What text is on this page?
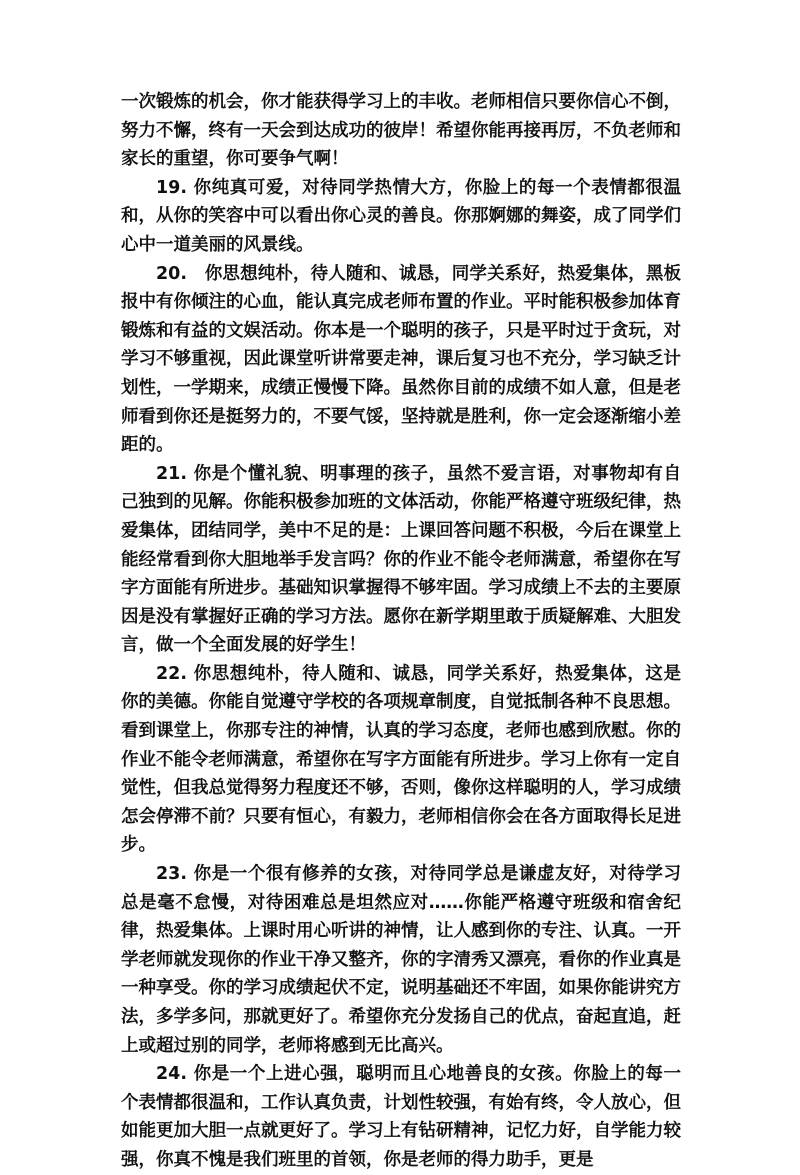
一次锻炼的机会，你才能获得学习上的丰收。老师相信只要你信心不倒，努力不懈，终有一天会到达成功的彼岸！希望你能再接再厉，不负老师和家长的重望，你可要争气啊！

19. 你纯真可爱，对待同学热情大方，你脸上的每一个表情都很温和，从你的笑容中可以看出你心灵的善良。你那婀娜的舞姿，成了同学们心中一道美丽的风景线。

20.　你思想纯朴，待人随和、诚恳，同学关系好，热爱集体，黑板报中有你倾注的心血，能认真完成老师布置的作业。平时能积极参加体育锻炼和有益的文娱活动。你本是一个聪明的孩子，只是平时过于贪玩，对学习不够重视，因此课堂听讲常要走神，课后复习也不充分，学习缺乏计划性，一学期来，成绩正慢慢下降。虽然你目前的成绩不如人意，但是老师看到你还是挺努力的，不要气馁，坚持就是胜利，你一定会逐渐缩小差距的。

21. 你是个懂礼貌、明事理的孩子，虽然不爱言语，对事物却有自己独到的见解。你能积极参加班的文体活动，你能严格遵守班级纪律，热爱集体，团结同学，美中不足的是：上课回答问题不积极，今后在课堂上能经常看到你大胆地举手发言吗？你的作业不能令老师满意，希望你在写字方面能有所进步。基础知识掌握得不够牢固。学习成绩上不去的主要原因是没有掌握好正确的学习方法。愿你在新学期里敢于质疑解难、大胆发言，做一个全面发展的好学生！

22. 你思想纯朴，待人随和、诚恳，同学关系好，热爱集体，这是你的美德。你能自觉遵守学校的各项规章制度，自觉抵制各种不良思想。看到课堂上，你那专注的神情，认真的学习态度，老师也感到欣慰。你的作业不能令老师满意，希望你在写字方面能有所进步。学习上你有一定自觉性，但我总觉得努力程度还不够，否则，像你这样聪明的人，学习成绩怎会停滞不前？只要有恒心，有毅力，老师相信你会在各方面取得长足进步。

23. 你是一个很有修养的女孩，对待同学总是谦虚友好，对待学习总是毫不怠慢，对待困难总是坦然应对……你能严格遵守班级和宿舍纪律，热爱集体。上课时用心听讲的神情，让人感到你的专注、认真。一开学老师就发现你的作业干净又整齐，你的字清秀又漂亮，看你的作业真是一种享受。你的学习成绩起伏不定，说明基础还不牢固，如果你能讲究方法，多学多问，那就更好了。希望你充分发扬自己的优点，奋起直追，赶上或超过别的同学，老师将感到无比高兴。

24. 你是一个上进心强，聪明而且心地善良的女孩。你脸上的每一个表情都很温和，工作认真负责，计划性较强，有始有终，令人放心，但如能更加大胆一点就更好了。学习上有钻研精神，记忆力好，自学能力较强，你真不愧是我们班里的首领，你是老师的得力助手，更是
